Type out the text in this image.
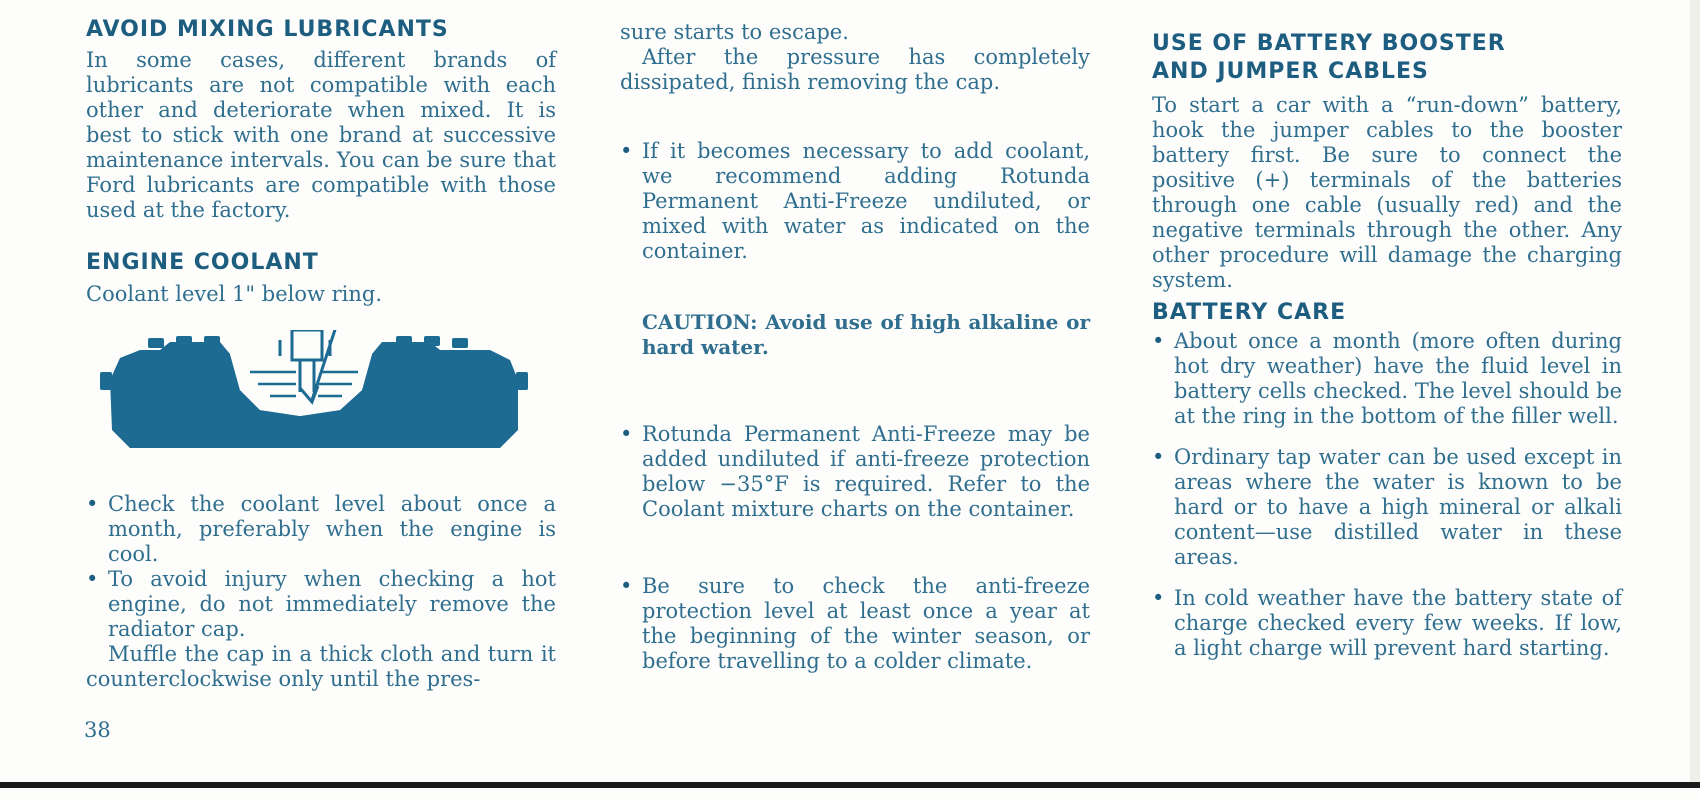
AVOID MIXING LUBRICANTS

In some cases, different brands of lubricants are not compatible with each other and deteriorate when mixed. It is best to stick with one brand at successive maintenance intervals. You can be sure that Ford lubricants are compatible with those used at the factory.

ENGINE COOLANT

Coolant level 1" below ring.

• Check the coolant level about once a month, preferably when the engine is cool.
• To avoid injury when checking a hot engine, do not immediately remove the radiator cap.

Muffle the cap in a thick cloth and turn it counterclockwise only until the pres-

sure starts to escape.

After the pressure has completely dissipated, finish removing the cap.

• If it becomes necessary to add coolant, we recommend adding Rotunda Permanent Anti-Freeze undiluted, or mixed with water as indicated on the container.

CAUTION: Avoid use of high alkaline or hard water.

• Rotunda Permanent Anti-Freeze may be added undiluted if anti-freeze protection below −35°F is required. Refer to the Coolant mixture charts on the container.
• Be sure to check the anti-freeze protection level at least once a year at the beginning of the winter season, or before travelling to a colder climate.
USE OF BATTERY BOOSTER
AND JUMPER CABLES

To start a car with a “run-down” battery, hook the jumper cables to the booster battery first. Be sure to connect the positive (+) terminals of the batteries through one cable (usually red) and the negative terminals through the other. Any other procedure will damage the charging system.

BATTERY CARE
• About once a month (more often during hot dry weather) have the fluid level in battery cells checked. The level should be at the ring in the bottom of the filler well.
• Ordinary tap water can be used except in areas where the water is known to be hard or to have a high mineral or alkali content—use distilled water in these areas.
• In cold weather have the battery state of charge checked every few weeks. If low, a light charge will prevent hard starting.
38
